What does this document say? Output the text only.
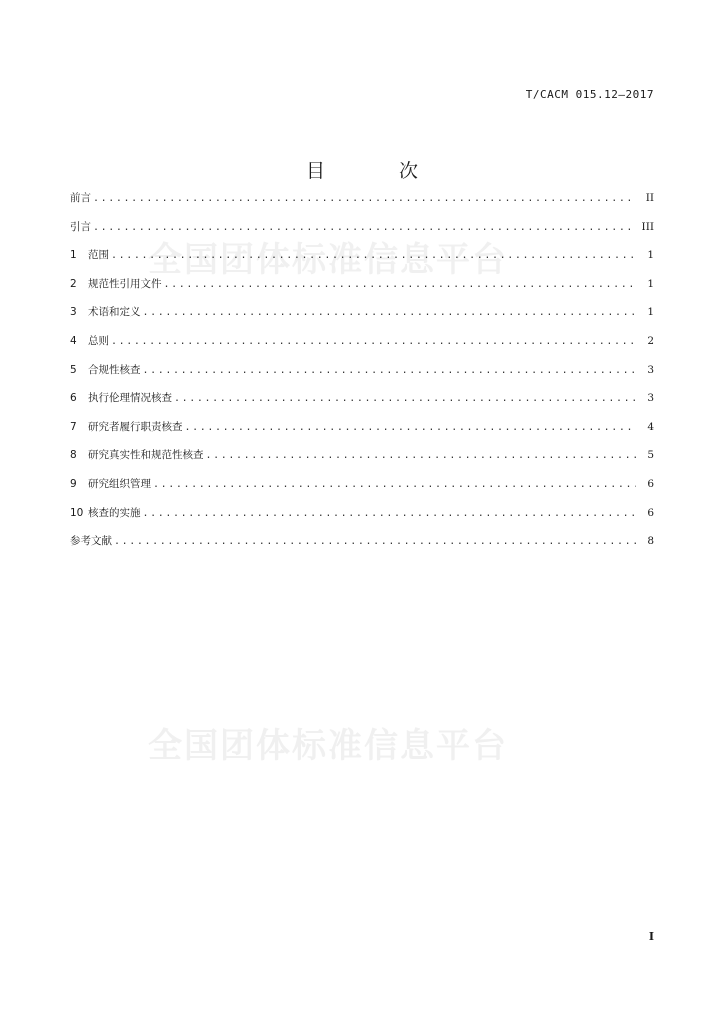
T/CACM 015.12—2017
目 次
全国团体标准信息平台
全国团体标准信息平台
前言 .....	II
引言 .....	III
1	范围 .....	1
2	规范性引用文件 .....	1
3	术语和定义 .....	1
4	总则 .....	2
5	合规性核查 .....	3
6	执行伦理情况核查 .....	3
7	研究者履行职责核查 .....	4
8	研究真实性和规范性核查 .....	5
9	研究组织管理 .....	6
10 核查的实施 .....	6
参考文献 .....	8
I
